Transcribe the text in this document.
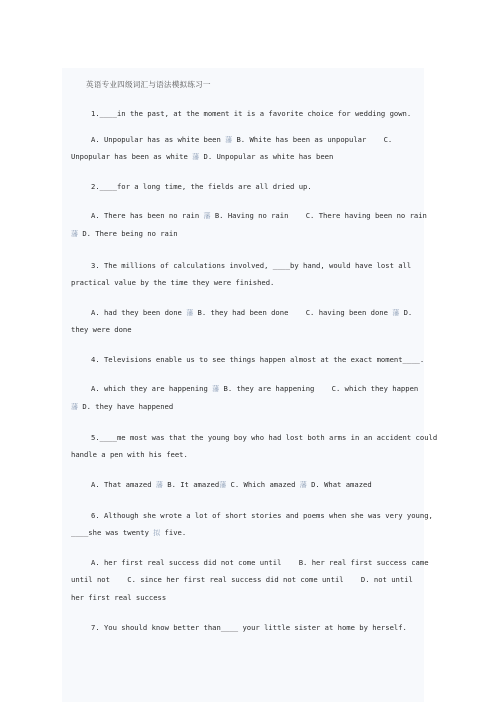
英语专业四级词汇与语法模拟练习一
1.____in the past, at the moment it is a favorite choice for wedding gown.
A. Unpopular has as white been 藩 B. White has been as unpopular    C.
Unpopular has been as white 藩 D. Unpopular as white has been
2.____for a long time, the fields are all dried up.
A. There has been no rain 藩 B. Having no rain    C. There having been no rain
藩 D. There being no rain
3. The millions of calculations involved, ____by hand, would have lost all
practical value by the time they were finished.
A. had they been done 藩 B. they had been done    C. having been done 藩 D.
they were done
4. Televisions enable us to see things happen almost at the exact moment____.
A. which they are happening 藩 B. they are happening    C. which they happen
藩 D. they have happened
5.____me most was that the young boy who had lost both arms in an accident could
handle a pen with his feet.
A. That amazed 藩 B. It amazed藩 C. Which amazed 藩 D. What amazed
6. Although she wrote a lot of short stories and poems when she was very young,
____she was twenty 拟 five.
A. her first real success did not come until    B. her real first success came
until not    C. since her first real success did not come until    D. not until
her first real success
7. You should know better than____ your little sister at home by herself.
